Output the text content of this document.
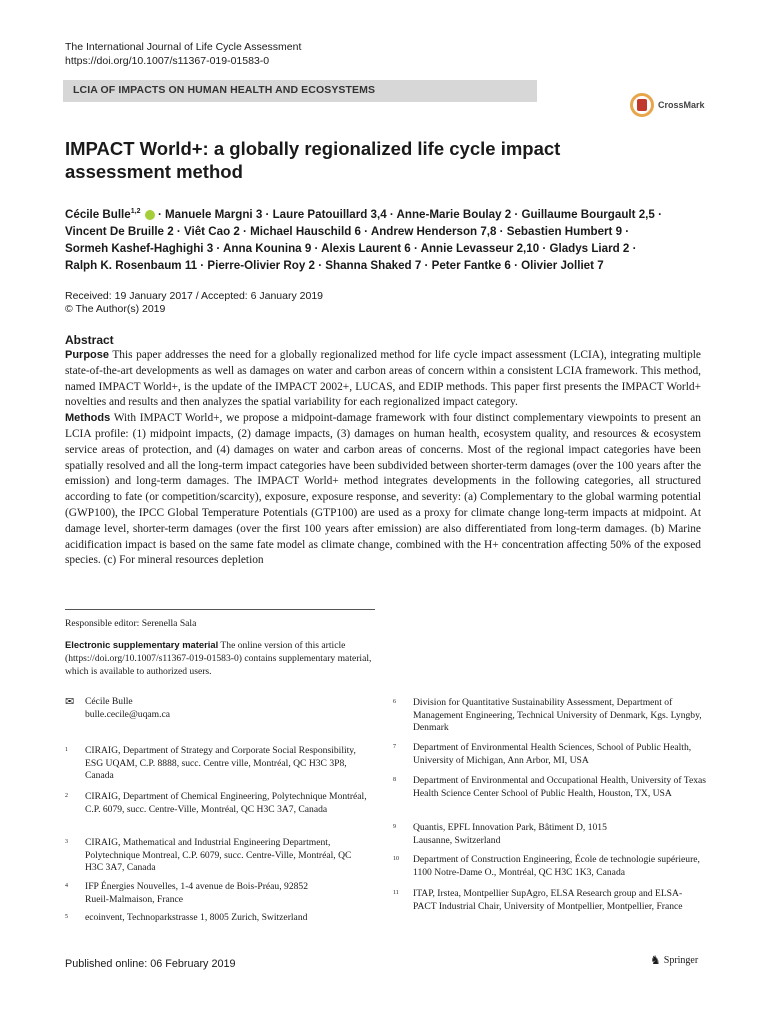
The International Journal of Life Cycle Assessment
https://doi.org/10.1007/s11367-019-01583-0
LCIA OF IMPACTS ON HUMAN HEALTH AND ECOSYSTEMS
CrossMark
IMPACT World+: a globally regionalized life cycle impact
assessment method
Cécile Bulle$^{1,2}$ · Manuele Margni 3 · Laure Patouillard 3,4 · Anne-Marie Boulay 2 · Guillaume Bourgault 2,5 ·
Vincent De Bruille 2 · Viêt Cao 2 · Michael Hauschild 6 · Andrew Henderson 7,8 · Sebastien Humbert 9 ·
Sormeh Kashef-Haghighi 3 · Anna Kounina 9 · Alexis Laurent 6 · Annie Levasseur 2,10 · Gladys Liard 2 ·
Ralph K. Rosenbaum 11 · Pierre-Olivier Roy 2 · Shanna Shaked 7 · Peter Fantke 6 · Olivier Jolliet 7
Received: 19 January 2017 / Accepted: 6 January 2019
© The Author(s) 2019
Abstract
Purpose This paper addresses the need for a globally regionalized method for life cycle impact assessment (LCIA), integrating multiple state-of-the-art developments as well as damages on water and carbon areas of concern within a consistent LCIA framework. This method, named IMPACT World+, is the update of the IMPACT 2002+, LUCAS, and EDIP methods. This paper first presents the IMPACT World+ novelties and results and then analyzes the spatial variability for each regionalized impact category.
Methods With IMPACT World+, we propose a midpoint-damage framework with four distinct complementary viewpoints to present an LCIA profile: (1) midpoint impacts, (2) damage impacts, (3) damages on human health, ecosystem quality, and resources & ecosystem service areas of protection, and (4) damages on water and carbon areas of concerns. Most of the regional impact categories have been spatially resolved and all the long-term impact categories have been subdivided between shorter-term damages (over the 100 years after the emission) and long-term damages. The IMPACT World+ method integrates developments in the following categories, all structured according to fate (or competition/scarcity), exposure, exposure response, and severity: (a) Complementary to the global warming potential (GWP100), the IPCC Global Temperature Potentials (GTP100) are used as a proxy for climate change long-term impacts at midpoint. At damage level, shorter-term damages (over the first 100 years after emission) are also differentiated from long-term damages. (b) Marine acidification impact is based on the same fate model as climate change, combined with the H+ concentration affecting 50% of the exposed species. (c) For mineral resources depletion
Responsible editor: Serenella Sala
Electronic supplementary material The online version of this article (https://doi.org/10.1007/s11367-019-01583-0) contains supplementary material, which is available to authorized users.
✉ Cécile Bulle
bulle.cecile@uqam.ca
1 CIRAIG, Department of Strategy and Corporate Social Responsibility, ESG UQAM, C.P. 8888, succ. Centre ville, Montréal, QC H3C 3P8, Canada
2 CIRAIG, Department of Chemical Engineering, Polytechnique Montréal, C.P. 6079, succ. Centre-Ville, Montréal, QC H3C 3A7, Canada
3 CIRAIG, Mathematical and Industrial Engineering Department, Polytechnique Montreal, C.P. 6079, succ. Centre-Ville, Montréal, QC H3C 3A7, Canada
4 IFP Énergies Nouvelles, 1-4 avenue de Bois-Préau, 92852 Rueil-Malmaison, France
5 ecoinvent, Technoparkstrasse 1, 8005 Zurich, Switzerland
6 Division for Quantitative Sustainability Assessment, Department of Management Engineering, Technical University of Denmark, Kgs. Lyngby, Denmark
7 Department of Environmental Health Sciences, School of Public Health, University of Michigan, Ann Arbor, MI, USA
8 Department of Environmental and Occupational Health, University of Texas Health Science Center School of Public Health, Houston, TX, USA
9 Quantis, EPFL Innovation Park, Bâtiment D, 1015 Lausanne, Switzerland
10 Department of Construction Engineering, École de technologie supérieure, 1100 Notre-Dame O., Montréal, QC H3C 1K3, Canada
11 ITAP, Irstea, Montpellier SupAgro, ELSA Research group and ELSA-PACT Industrial Chair, University of Montpellier, Montpellier, France
Published online: 06 February 2019	♞ Springer
